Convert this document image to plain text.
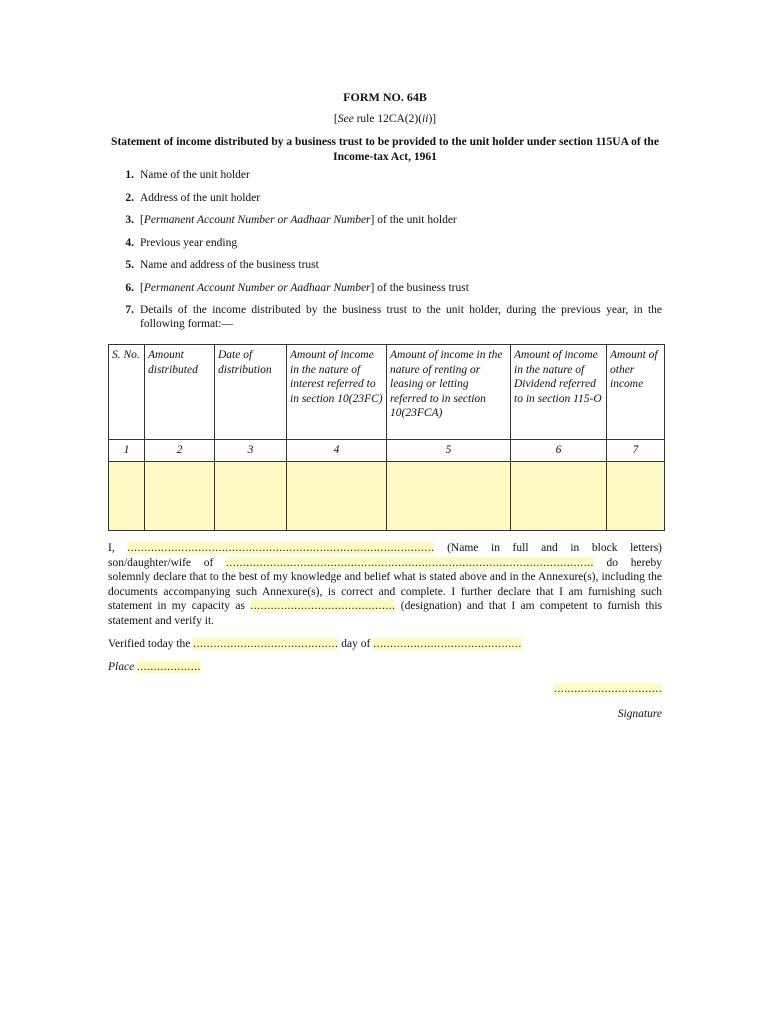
FORM NO. 64B
[See rule 12CA(2)(ii)]
Statement of income distributed by a business trust to be provided to the unit holder under section 115UA of the Income-tax Act, 1961
1. Name of the unit holder
2. Address of the unit holder
3. [Permanent Account Number or Aadhaar Number] of the unit holder
4. Previous year ending
5. Name and address of the business trust
6. [Permanent Account Number or Aadhaar Number] of the business trust
7. Details of the income distributed by the business trust to the unit holder, during the previous year, in the following format:—
S. No.	Amount distributed	Date of distribution	Amount of income in the nature of interest referred to in section 10(23FC)	Amount of income in the nature of renting or leasing or letting referred to in section 10(23FCA)	Amount of income in the nature of Dividend referred to in section 115-O	Amount of other income
1	2	3	4	5	6	7

I, ........................................................................................... (Name in full and in block letters) son/daughter/wife of ............................................................................................................. do hereby solemnly declare that to the best of my knowledge and belief what is stated above and in the Annexure(s), including the documents accompanying such Annexure(s), is correct and complete. I further declare that I am furnishing such statement in my capacity as ........................................... (designation) and that I am competent to furnish this statement and verify it.
Verified today the ........................................... day of ............................................
Place ...................
................................
Signature
